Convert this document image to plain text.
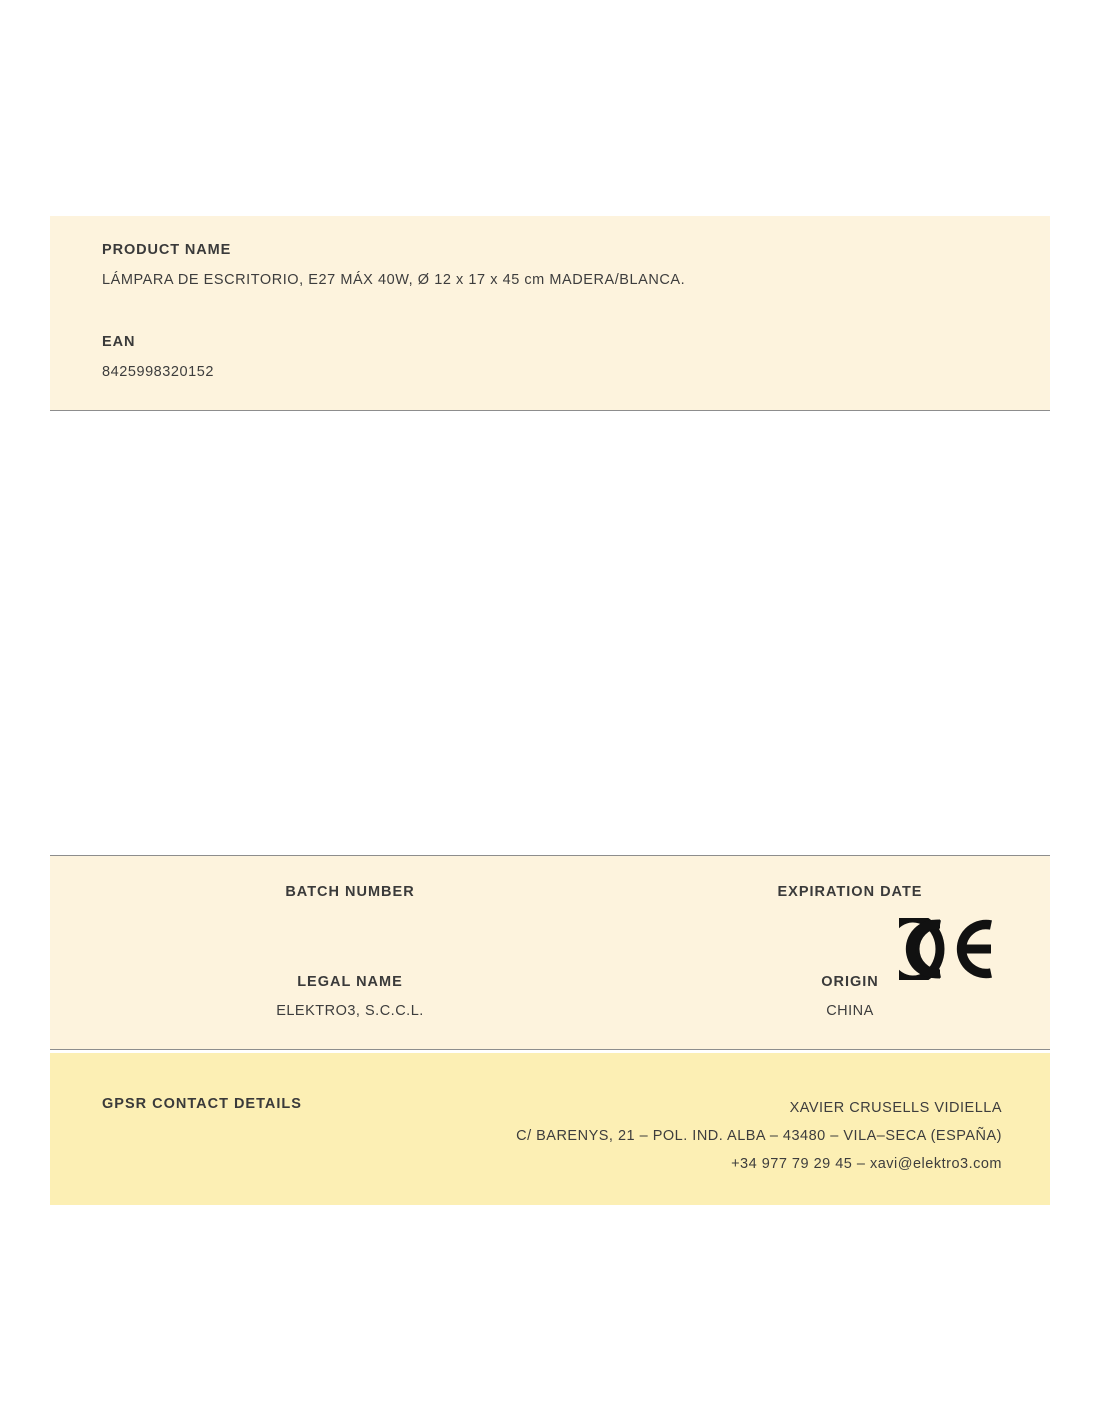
PRODUCT NAME
LÁMPARA DE ESCRITORIO, E27 MÁX 40W, Ø 12 x 17 x 45 cm MADERA/BLANCA.
EAN
8425998320152
BATCH NUMBER	EXPIRATION DATE
LEGAL NAME
ELEKTRO3, S.C.C.L.
ORIGIN
CHINA
GPSR CONTACT DETAILS	XAVIER CRUSELLS VIDIELLA
C/ BARENYS, 21 – POL. IND. ALBA – 43480 – VILA–SECA (ESPAÑA)
+34 977 79 29 45 – xavi@elektro3.com
